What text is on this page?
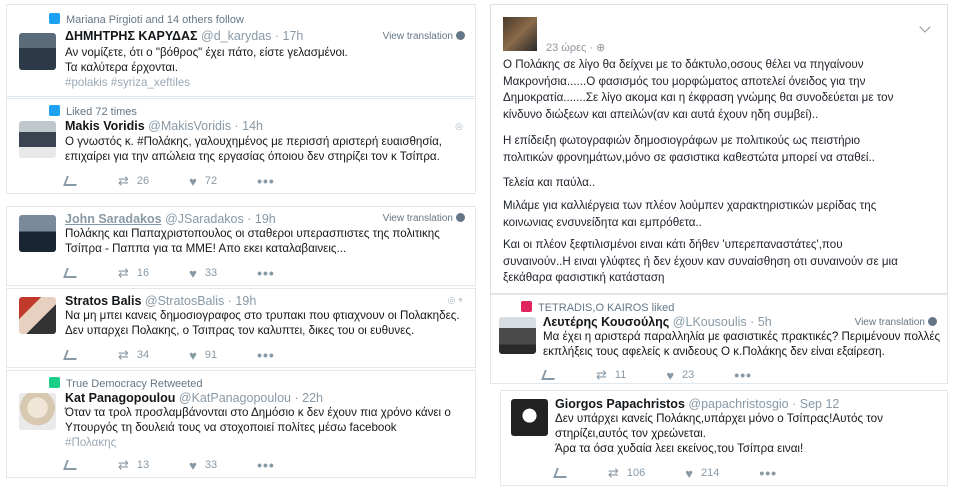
Mariana Pirgioti and 14 others follow
ΔΗΜΗΤΡΗΣ ΚΑΡΥΔΑΣ @d_karydas · 17h	View translation
Αν νομίζετε, ότι ο "βόθρος" έχει πάτο, είστε γελασμένοι.
Τα καλύτερα έρχονται.
#polakis #syriza_xeftiles
Liked 72 times
Makis Voridis @MakisVoridis · 14h	◎
Ο γνωστός κ. #Πολάκης, γαλουχημένος με περισσή αριστερή ευαισθησία,
επιχαίρει για την απώλεια της εργασίας όποιου δεν στηρίζει τον κ Τσίπρα.
⇄ 26	♥ 72	•••
John Saradakos @JSaradakos · 19h	View translation
Πολάκης και Παπαχριστοπουλος οι σταθεροι υπερασπιστες της πολιτικης
Τσίπρα - Παππα για τα ΜΜΕ! Απο εκει καταλαβαινεις...
⇄ 16	♥ 33	•••
Stratos Balis @StratosBalis · 19h	◎ ⌖
Να μη μπει κανεις δημοσιογραφος στο τρυπακι που φτιαχνουν οι Πολακηδες.
Δεν υπαρχει Πολακης, ο Τσιπρας τον καλυπτει, δικες του οι ευθυνες.
⇄ 34	♥ 91	•••
True Democracy Retweeted
Kat Panagopoulou @KatPanagopoulou · 22h
Όταν τα τρολ προσλαμβάνονται στο Δημόσιο κ δεν έχουν πια χρόνο κάνει ο
Υπουργός τη δουλειά τους να στοχοποιεί πολίτες μέσω facebook
#Πολακης
⇄ 13	♥ 33	•••
23 ώρες · ⊕
Ο Πολάκης σε λίγο θα δείχνει με το δάκτυλο,οσους θέλει να πηγαίνουν
Μακρονήσια......Ο φασισμός του μορφώματος αποτελεί όνειδος για την
Δημοκρατία.......Σε λίγο ακομα και η έκφραση γνώμης θα συνοδεύεται με τον
κίνδυνο διώξεων και απειλών(αν και αυτά έχουν ηδη συμβεί)..
Η επίδειξη φωτογραφιών δημοσιογράφων με πολιτικούς ως πειστήριο
πολιτικών φρονημάτων,μόνο σε φασιστικα καθεστώτα μπορεί να σταθεί..
Τελεία και παύλα..
Μιλάμε για καλλιέργεια των πλέον λούμπεν χαρακτηριστικών μερίδας της
κοινωνιας ενσυνείδητα και εμπρόθετα..
Και οι πλέον ξεφτιλισμένοι ειναι κάτι δήθεν 'υπερεπαναστάτες',που
συναινούν..Η ειναι γλύφτες ή δεν έχουν καν συναίσθηση οτι συναινούν σε μια
ξεκάθαρα φασιστική κατάσταση
TETRADIS,O KAIROS liked
Λευτέρης Κουσούλης @LKousoulis · 5h	View translation
Μα έχει η αριστερά παραλληλία με φασιστικές πρακτικές? Περιμένουν πολλές
εκπλήξεις τους αφελείς κ ανιδεους Ο κ.Πολάκης δεν είναι εξαίρεση.
⇄ 11	♥ 23	•••
Giorgos Papachristos @papachristosgio · Sep 12
Δεν υπάρχει κανείς Πολάκης,υπάρχει μόνο ο Τσίπρας!Αυτός τον
στηρίζει,αυτός τον χρεώνεται.
Άρα τα όσα χυδαία λεει εκείνος,του Τσίπρα ειναι!
⇄ 106	♥ 214	•••
